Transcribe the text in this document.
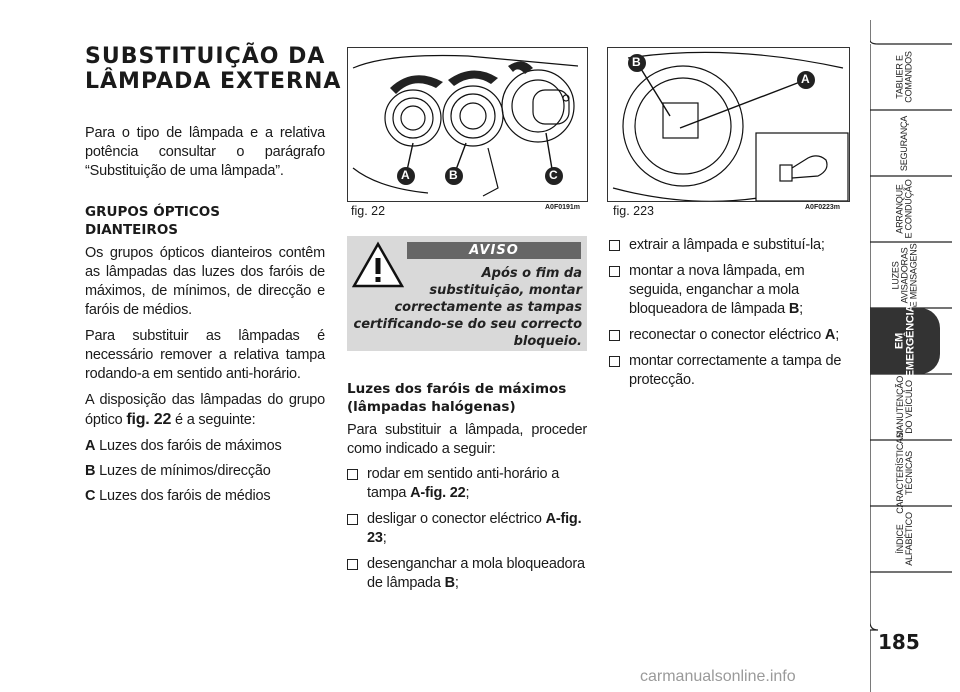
SUBSTITUIÇÃO DA
LÂMPADA EXTERNA

Para o tipo de lâmpada e a relativa potência consultar o parágrafo “Substituição de uma lâmpada”.

GRUPOS ÓPTICOS
DIANTEIROS

Os grupos ópticos dianteiros contêm as lâmpadas das luzes dos faróis de máximos, de mínimos, de direcção e faróis de médios.

Para substituir as lâmpadas é necessário remover a relativa tampa rodando-a em sentido anti-horário.

A disposição das lâmpadas do grupo óptico fig. 22 é a seguinte:

A Luzes dos faróis de máximos

B Luzes de mínimos/direcção

C Luzes dos faróis de médios

A	B	C
fig. 22	A0F0191m
AVISO
Após o fim da substituição, montar correctamente as tampas certificando-se do seu correcto bloqueio.

Luzes dos faróis de máximos
(lâmpadas halógenas)

Para substituir a lâmpada, proceder como indicado a seguir:

rodar em sentido anti-horário a tampa A-fig. 22;
desligar o conector eléctrico A-fig. 23;
desenganchar a mola bloqueadora de lâmpada B;
B
A
fig. 223	A0F0223m
extrair a lâmpada e substituí-la;
montar a nova lâmpada, em seguida, enganchar a mola bloqueadora de lâmpada B;
reconectar o conector eléctrico A;
montar correctamente a tampa de protecção.
TABLIER E
COMANDOS
SEGURANÇA
ARRANQUE
E CONDUÇÃO
LUZES
AVISADORAS
E MENSAGENS
EM
EMERGÊNCIA
MANUTENÇÃO
DO VEÍCULO
CARACTERÍSTICAS
TÉCNICAS
ÍNDICE
ALFABÉTICO
185
carmanualsonline.info
